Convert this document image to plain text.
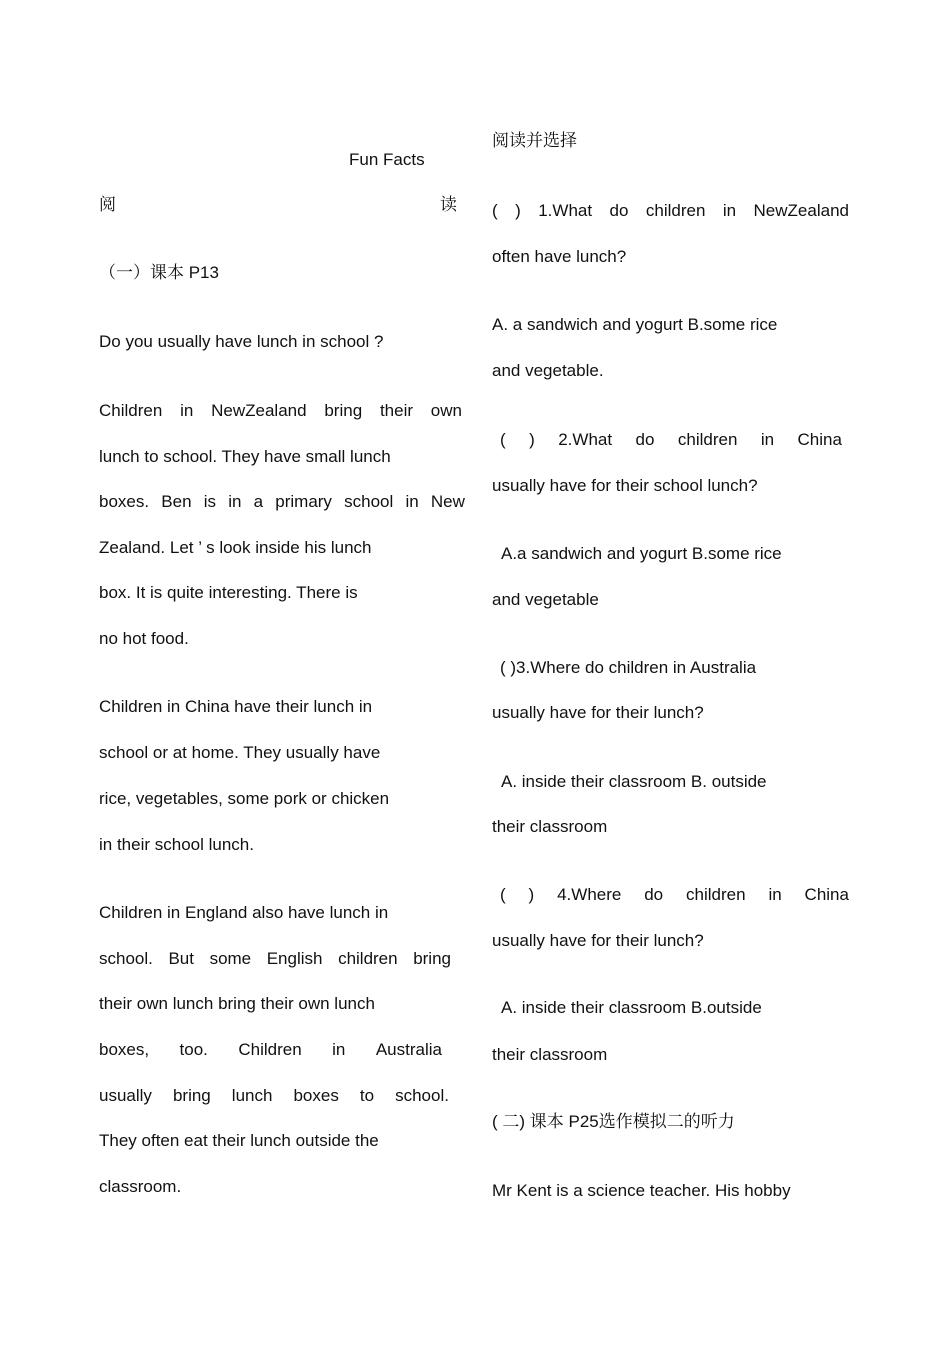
Fun Facts
阅	读
（一）课本 P13
Do you usually have lunch in school ?
Children in NewZealand bring their own
lunch to school. They have small lunch
boxes. Ben is in a primary school in New
Zealand. Let ’ s look inside his lunch
box. It is quite interesting. There is
no hot food.
Children in China have their lunch in
school or at home. They usually have
rice, vegetables, some pork or chicken
in their school lunch.
Children in England also have lunch in
school. But some English children bring
their own lunch bring their own lunch
boxes, too. Children in Australia
usually bring lunch boxes to school.
They often eat their lunch outside the
classroom.
阅读并选择
( ) 1.What do children in NewZealand
often have lunch?
A. a sandwich and yogurt B.some rice
and vegetable.
( ) 2.What do children in China
usually have for their school lunch?
A.a sandwich and yogurt B.some rice
and vegetable
( )3.Where do children in Australia
usually have for their lunch?
A. inside their classroom B. outside
their classroom
( ) 4.Where do children in China
usually have for their lunch?
A. inside their classroom B.outside
their classroom
( 二) 课本 P25选作模拟二的听力
Mr Kent is a science teacher. His hobby
